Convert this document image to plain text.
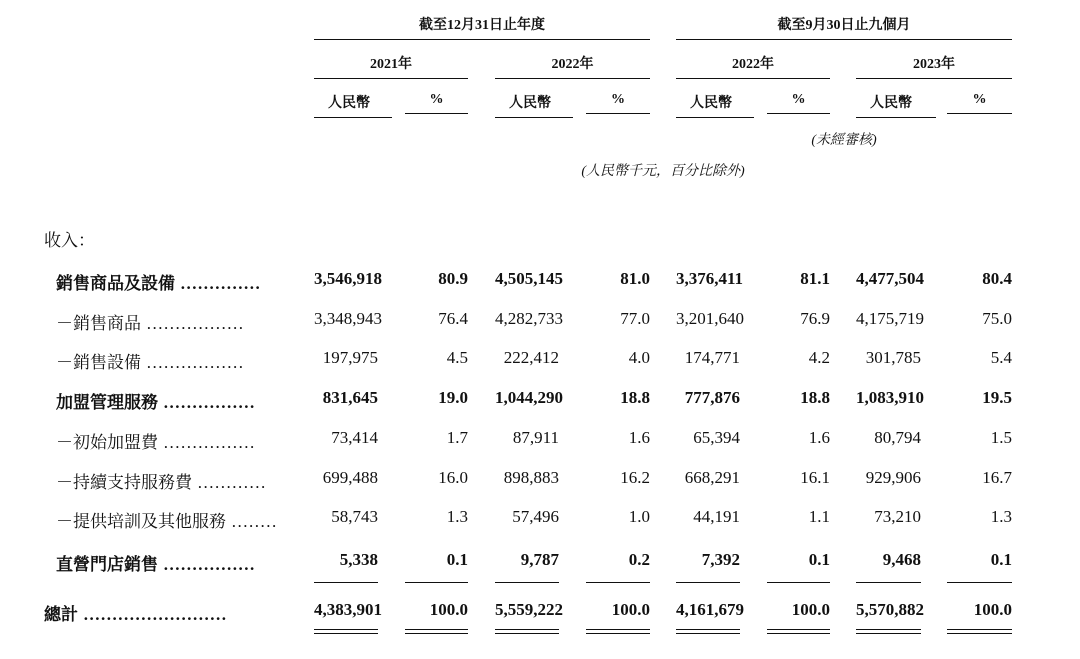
截至12月31日止年度	截至9月30日止九個月
2021年	2022年	2022年	2023年
人民幣	%	人民幣	%	人民幣	%	人民幣	%
(未經審核)
(人民幣千元，百分比除外)
收入：
銷售商品及設備 ..............	3,546,918	80.9 4,505,145	81.0 3,376,411	81.1 4,477,504	80.4
－銷售商品 .................	3,348,943	76.4 4,282,733	77.0 3,201,640	76.9 4,175,719	75.0
－銷售設備 .................	197,975	4.5	222,412	4.0	174,771	4.2	301,785	5.4
加盟管理服務 ................	831,645	19.0 1,044,290	18.8	777,876	18.8 1,083,910	19.5
－初始加盟費 ................	73,414	1.7	87,911	1.6	65,394	1.6	80,794	1.5
－持續支持服務費 ............	699,488	16.0	898,883	16.2	668,291	16.1	929,906	16.7
－提供培訓及其他服務 ........	58,743	1.3	57,496	1.0	44,191	1.1	73,210	1.3
直營門店銷售 ................	5,338	0.1	9,787	0.2	7,392	0.1	9,468	0.1
總計 .........................	4,383,901	100.0 5,559,222	100.0 4,161,679	100.0 5,570,882	100.0
